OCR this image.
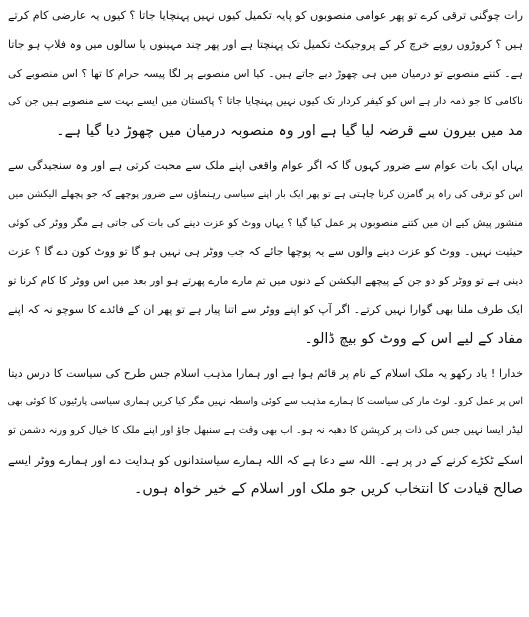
رات چوگنی ترقی کرے تو پھر عوامی منصوبوں کو پایہ تکمیل کیوں نہیں پہنچایا جاتا ؟ کیوں یہ عارضی کام کرتے
ہیں ؟ کروڑوں روپے خرچ کر کے پروجیکٹ تکمیل تک پہنچتا ہے اور پھر چند مہینوں یا سالوں میں وہ فلاپ ہو جاتا
ہے۔ کتنے منصوبے تو درمیان میں ہی چھوڑ دیے جاتے ہیں۔ کیا اس منصوبے پر لگا پیسہ حرام کا تھا ؟ اس منصوبے کی
ناکامی کا جو ذمہ دار ہے اس کو کیفر کردار تک کیوں نہیں پہنچایا جاتا ؟ پاکستان میں ایسے بہت سے منصوبے ہیں جن کی
مد میں بیرون سے قرضہ لیا گیا ہے اور وہ منصوبہ درمیان میں چھوڑ دیا گیا ہے۔
یہاں ایک بات عوام سے ضرور کہوں گا کہ اگر عوام واقعی اپنے ملک سے محبت کرتی ہے اور وہ سنجیدگی سے
اس کو ترقی کی راہ پر گامزن کرنا چاہتی ہے تو پھر ایک بار اپنے سیاسی رہنماؤں سے ضرور پوچھے کہ جو پچھلے الیکشن میں
منشور پیش کیے ان میں کتنے منصوبوں پر عمل کیا گیا ؟ یہاں ووٹ کو عزت دینے کی بات کی جاتی ہے مگر ووٹر کی کوئی
حیثیت نہیں۔ ووٹ کو عزت دینے والوں سے یہ پوچھا جائے کہ جب ووٹر ہی نہیں ہو گا تو ووٹ کون دے گا ؟ عزت
دینی ہے تو ووٹر کو دو جن کے پیچھے الیکشن کے دنوں میں تم مارے مارے پھرتے ہو اور بعد میں اس ووٹر کا کام کرنا تو
ایک طرف ملنا بھی گوارا نہیں کرتے۔ اگر آپ کو اپنے ووٹر سے اتنا پیار ہے تو پھر ان کے فائدے کا سوچو نہ کہ اپنے
مفاد کے لیے اس کے ووٹ کو بیچ ڈالو۔
خدارا ! یاد رکھو یہ ملک اسلام کے نام پر قائم ہوا ہے اور ہمارا مذہب اسلام جس طرح کی سیاست کا درس دیتا
اس پر عمل کرو۔ لوٹ مار کی سیاست کا ہمارے مذہب سے کوئی واسطہ نہیں مگر کیا کریں ہماری سیاسی پارٹیوں کا کوئی بھی
لیڈر ایسا نہیں جس کی ذات پر کرپشن کا دھبہ نہ ہو۔ اب بھی وقت ہے سنبھل جاؤ اور اپنے ملک کا خیال کرو ورنہ دشمن تو
اسکے ٹکڑے کرنے کے در پر ہے۔ اللہ سے دعا ہے کہ اللہ ہمارے سیاستدانوں کو ہدایت دے اور ہمارے ووٹر ایسے
صالح قیادت کا انتخاب کریں جو ملک اور اسلام کے خیر خواہ ہوں۔
